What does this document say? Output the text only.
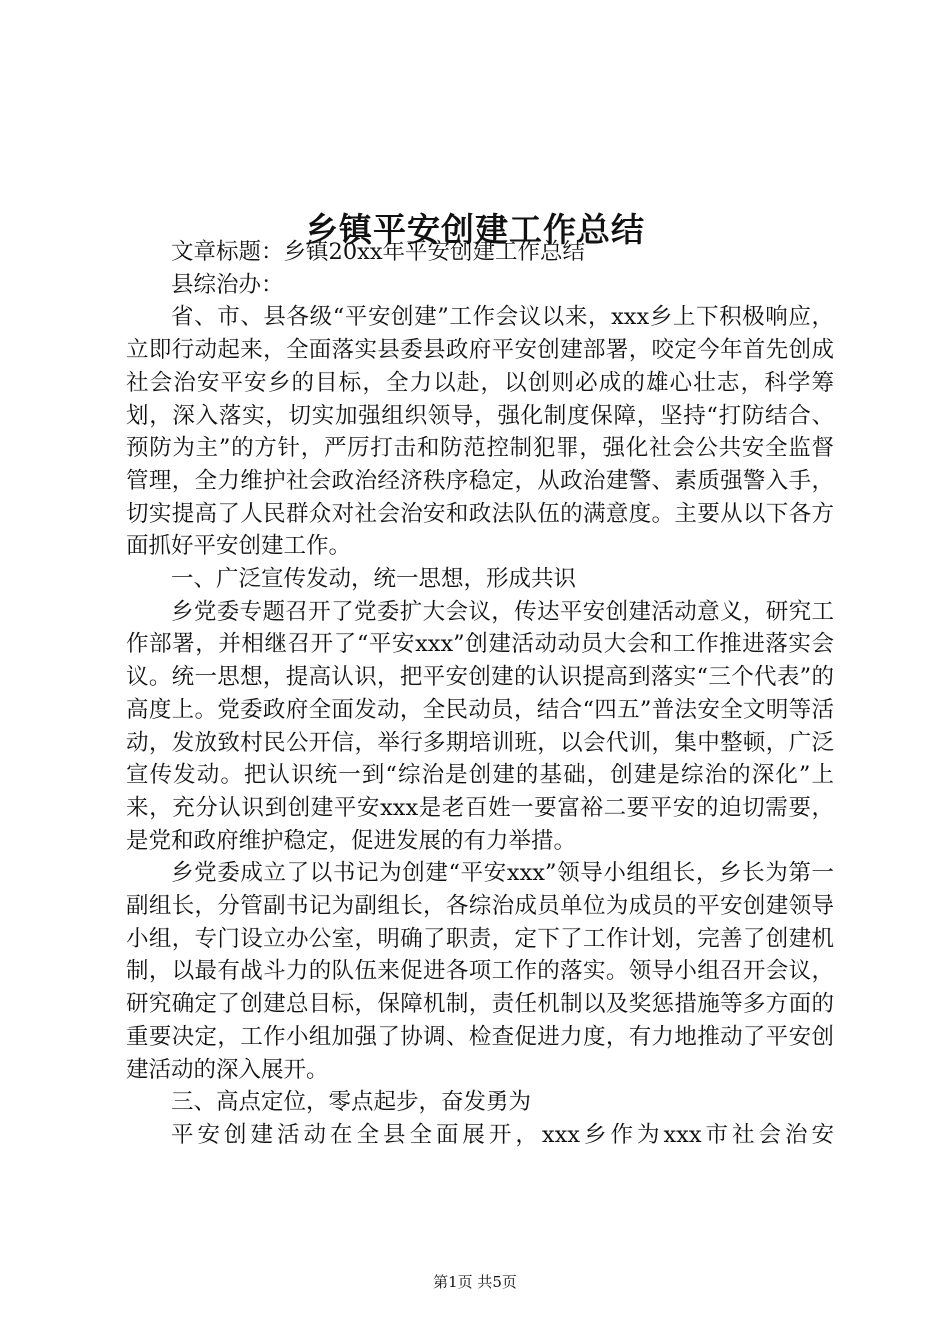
乡镇平安创建工作总结

文章标题：乡镇20xx年平安创建工作总结

县综治办：

省、市、县各级“平安创建”工作会议以来，xxx乡上下积极响应，立即行动起来，全面落实县委县政府平安创建部署，咬定今年首先创成社会治安平安乡的目标，全力以赴，以创则必成的雄心壮志，科学筹划，深入落实，切实加强组织领导，强化制度保障，坚持“打防结合、预防为主”的方针，严厉打击和防范控制犯罪，强化社会公共安全监督管理，全力维护社会政治经济秩序稳定，从政治建警、素质强警入手，切实提高了人民群众对社会治安和政法队伍的满意度。主要从以下各方面抓好平安创建工作。

一、广泛宣传发动，统一思想，形成共识

乡党委专题召开了党委扩大会议，传达平安创建活动意义，研究工作部署，并相继召开了“平安xxx”创建活动动员大会和工作推进落实会议。统一思想，提高认识，把平安创建的认识提高到落实“三个代表”的高度上。党委政府全面发动，全民动员，结合“四五”普法安全文明等活动，发放致村民公开信，举行多期培训班，以会代训，集中整顿，广泛宣传发动。把认识统一到“综治是创建的基础，创建是综治的深化”上来，充分认识到创建平安xxx是老百姓一要富裕二要平安的迫切需要，是党和政府维护稳定，促进发展的有力举措。

乡党委成立了以书记为创建“平安xxx”领导小组组长，乡长为第一副组长，分管副书记为副组长，各综治成员单位为成员的平安创建领导小组，专门设立办公室，明确了职责，定下了工作计划，完善了创建机制，以最有战斗力的队伍来促进各项工作的落实。领导小组召开会议，研究确定了创建总目标，保障机制，责任机制以及奖惩措施等多方面的重要决定，工作小组加强了协调、检查促进力度，有力地推动了平安创建活动的深入展开。

三、高点定位，零点起步，奋发勇为

平安创建活动在全县全面展开，xxx乡作为xxx市社会治安

第1页 共5页
